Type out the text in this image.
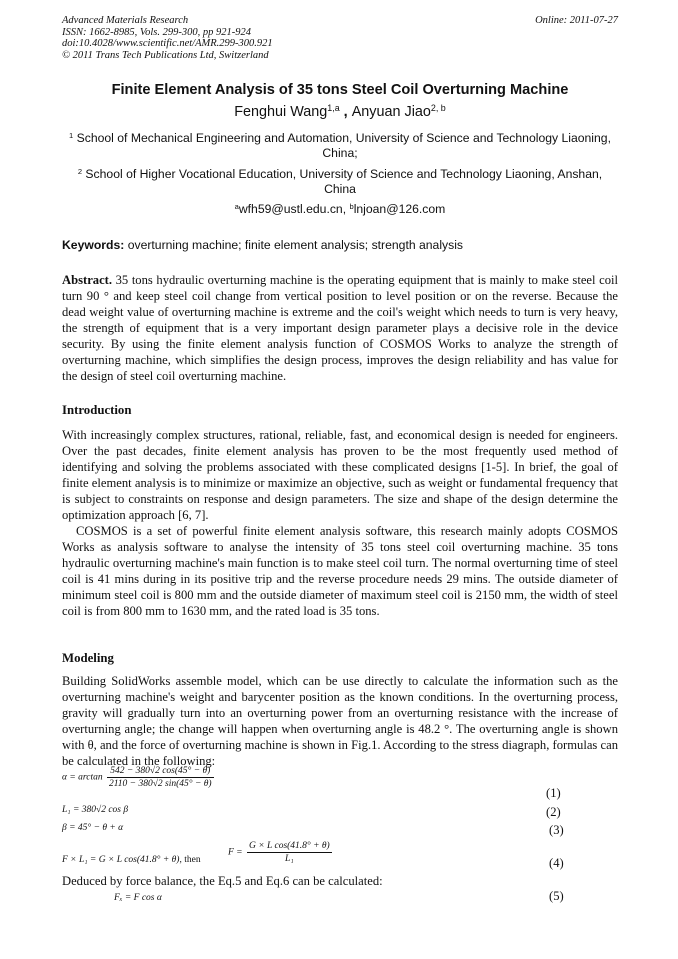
Advanced Materials Research
ISSN: 1662-8985, Vols. 299-300, pp 921-924
doi:10.4028/www.scientific.net/AMR.299-300.921
© 2011 Trans Tech Publications Ltd, Switzerland
Online: 2011-07-27
Finite Element Analysis of 35 tons Steel Coil Overturning Machine
Fenghui Wang$^{1,a}$ , Anyuan Jiao$^{2, b}$
$^1$ School of Mechanical Engineering and Automation, University of Science and Technology Liaoning, China;
$^2$ School of Higher Vocational Education, University of Science and Technology Liaoning, Anshan, China
$^a$wfh59@ustl.edu.cn, $^b$lnjoan@126.com
Keywords: overturning machine; finite element analysis; strength analysis

Abstract. 35 tons hydraulic overturning machine is the operating equipment that is mainly to make steel coil turn 90 ° and keep steel coil change from vertical position to level position or on the reverse. Because the dead weight value of overturning machine is extreme and the coil's weight which needs to turn is very heavy, the strength of equipment that is a very important design parameter plays a decisive role in the device security. By using the finite element analysis function of COSMOS Works to analyze the strength of overturning machine, which simplifies the design process, improves the design reliability and has value for the design of steel coil overturning machine.

Introduction

With increasingly complex structures, rational, reliable, fast, and economical design is needed for engineers. Over the past decades, finite element analysis has proven to be the most frequently used method of identifying and solving the problems associated with these complicated designs [1-5]. In brief, the goal of finite element analysis is to minimize or maximize an objective, such as weight or fundamental frequency that is subject to constraints on response and design parameters. The size and shape of the design determine the optimization approach [6, 7].

COSMOS is a set of powerful finite element analysis software, this research mainly adopts COSMOS Works as analysis software to analyse the intensity of 35 tons steel coil overturning machine. 35 tons hydraulic overturning machine's main function is to make steel coil turn. The normal overturning time of steel coil is 41 mins during in its positive trip and the reverse procedure needs 29 mins. The outside diameter of minimum steel coil is 800 mm and the outside diameter of maximum steel coil is 2150 mm, the width of steel coil is from 800 mm to 1630 mm, and the rated load is 35 tons.

Modeling

Building SolidWorks assemble model, which can be use directly to calculate the information such as the overturning machine's weight and barycenter position as the known conditions. In the overturning process, gravity will gradually turn into an overturning power from an overturning resistance with the increase of overturning angle; the change will happen when overturning angle is 48.2 °. The overturning angle is shown with θ, and the force of overturning machine is shown in Fig.1. According to the stress diagraph, formulas can be calculated in the following:

$\alpha = \arctan \frac{542 - 380√2 \cos(45^\circ - \theta)}{2110 - 380√2 \sin(45^\circ - \theta)}$
(1)
L₁ = 380√2 cos β	(2)
β = 45° − θ + α	(3)
F × L₁ = G × L cos(41.8° + θ), then
$F = \frac{\text{G × L cos(41.8° + θ)}}{\text{L₁}}$	(4)
Deduced by force balance, the Eq.5 and Eq.6 can be calculated:
Fₓ = F cos α	(5)
